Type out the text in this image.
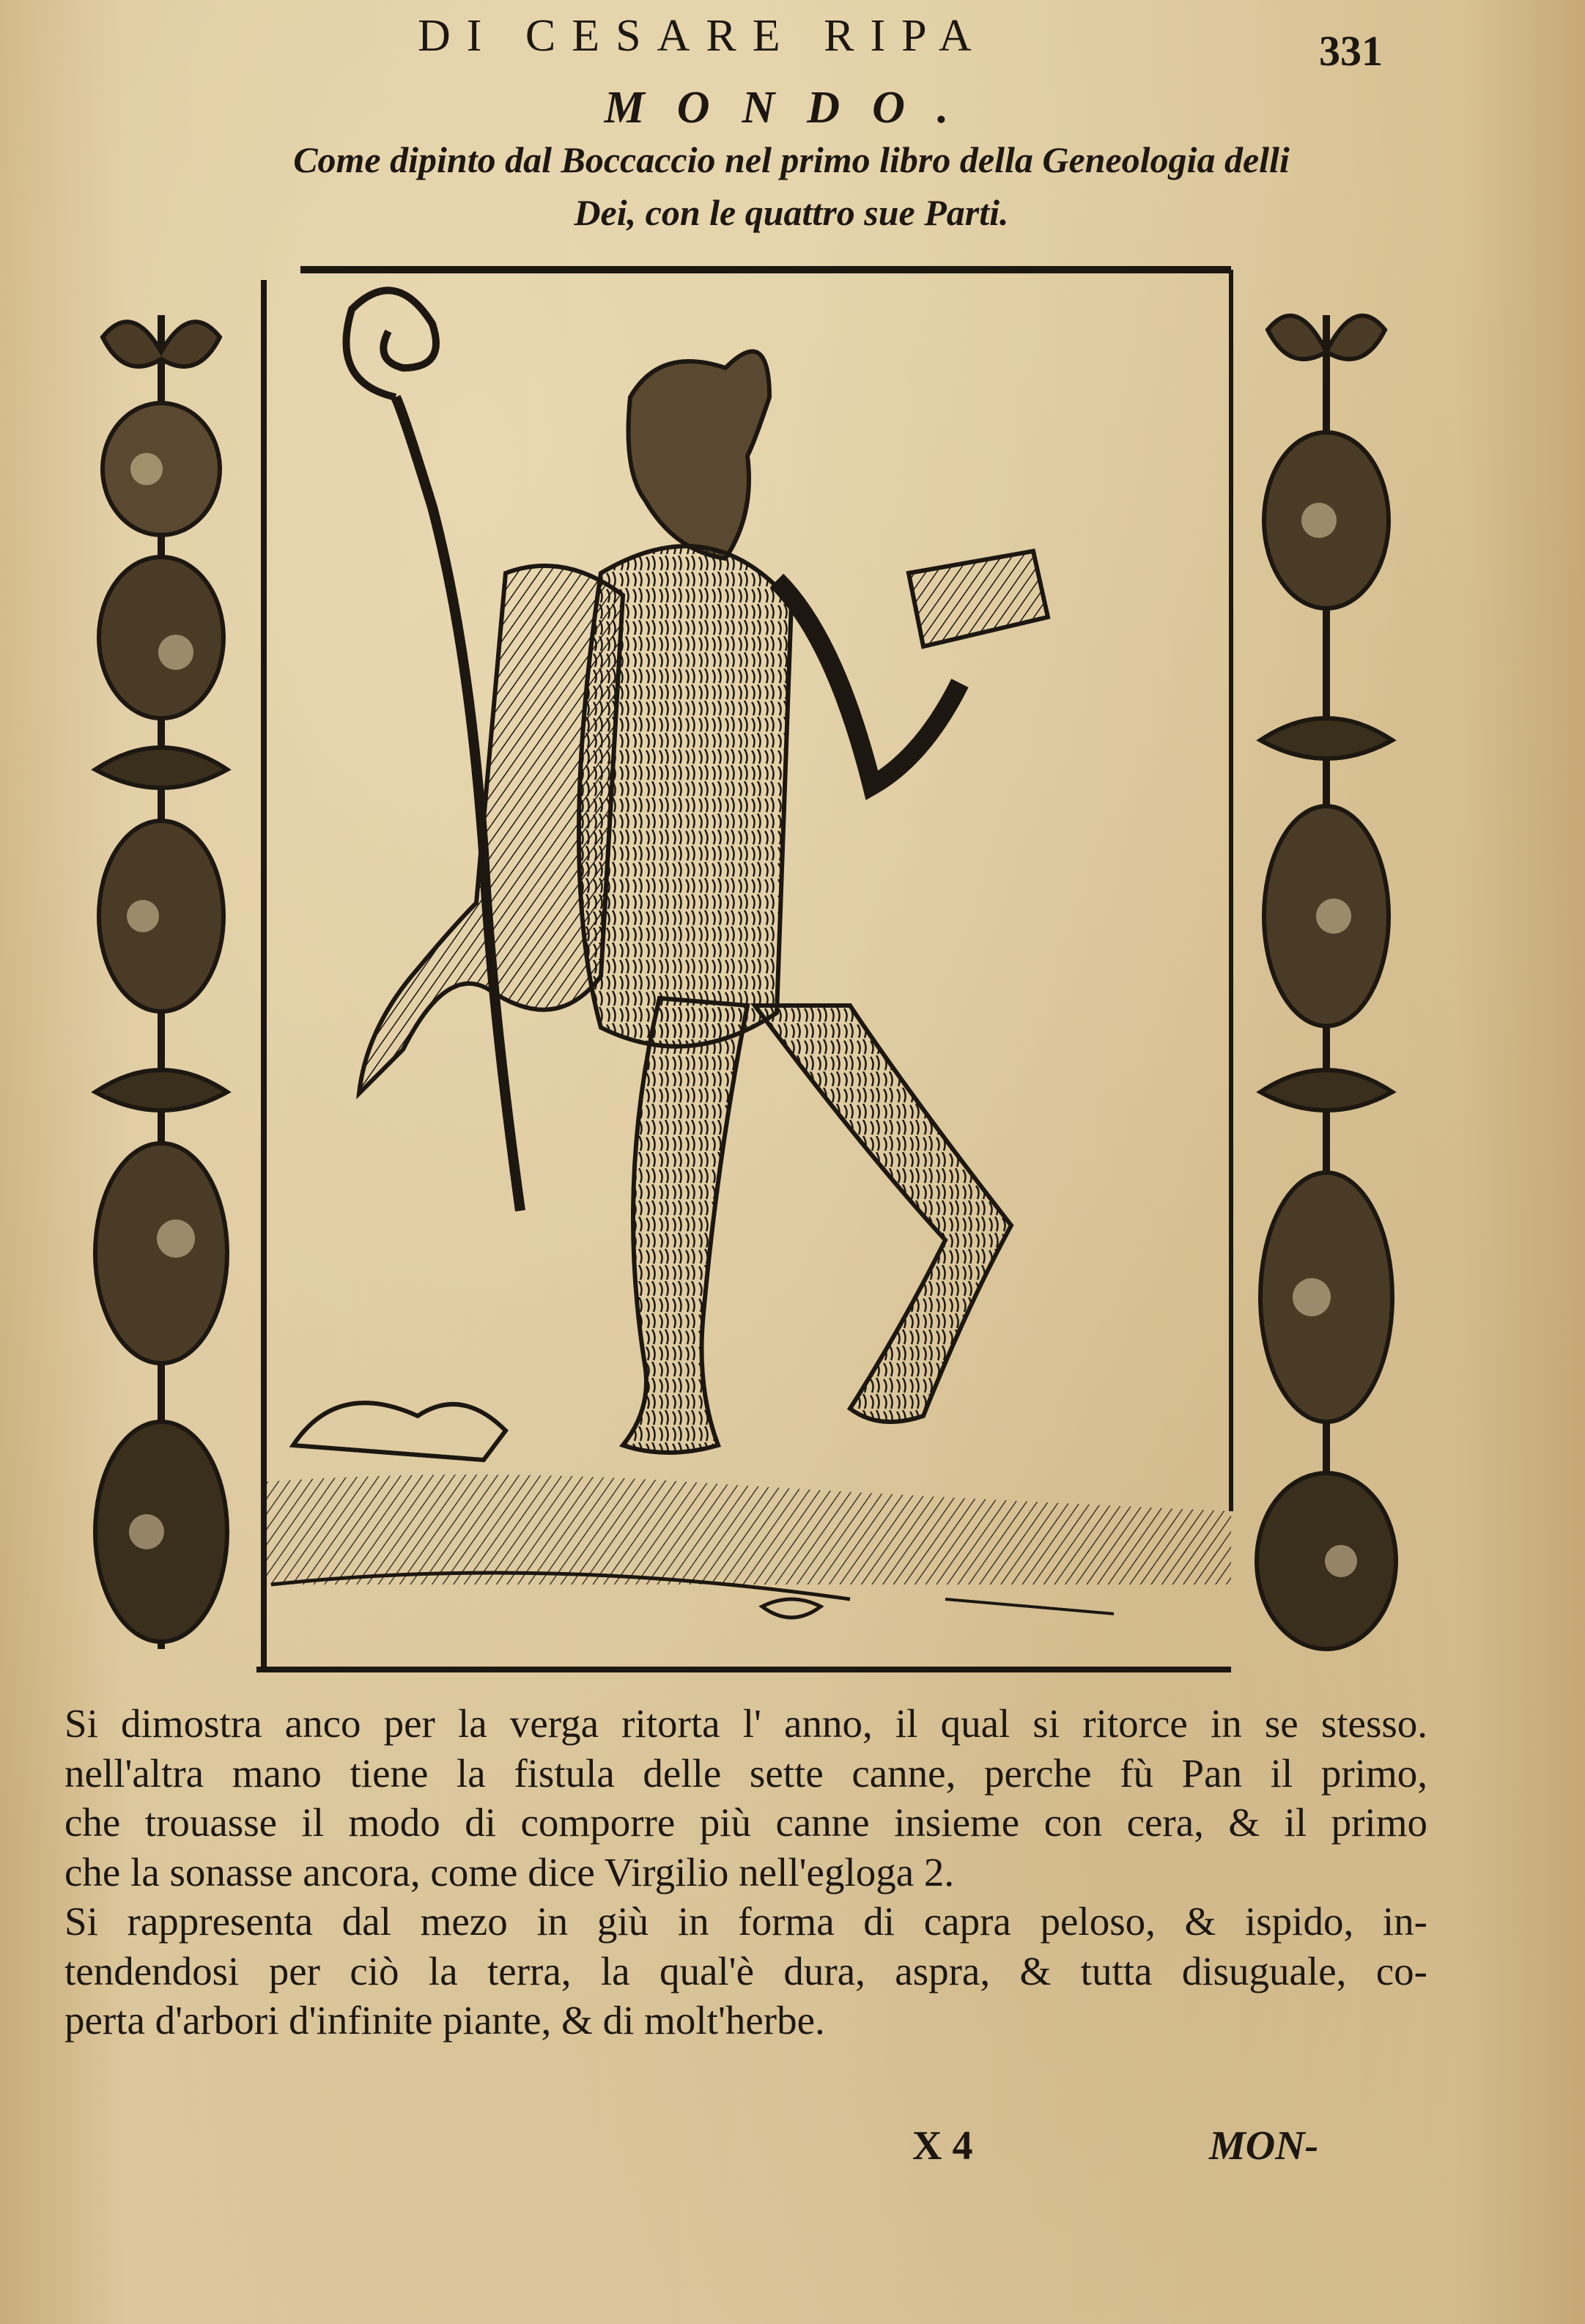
DI CESARE RIPA	331
MONDO.
Come dipinto dal Boccaccio nel primo libro della Geneologia delli
Dei, con le quattro sue Parti.
Si dimostra anco per la verga ritorta l' anno, il qual si ritorce in se stesso.
nell'altra mano tiene la fistula delle sette canne, perche fù Pan il primo,
che trouasse il modo di comporre più canne insieme con cera, & il primo
che la sonasse ancora, come dice Virgilio nell'egloga 2.
Si rappresenta dal mezo in giù in forma di capra peloso, & ispido, in-
tendendosi per ciò la terra, la qual'è dura, aspra, & tutta disuguale, co-
perta d'arbori d'infinite piante, & di molt'herbe.
X 4	MON-
